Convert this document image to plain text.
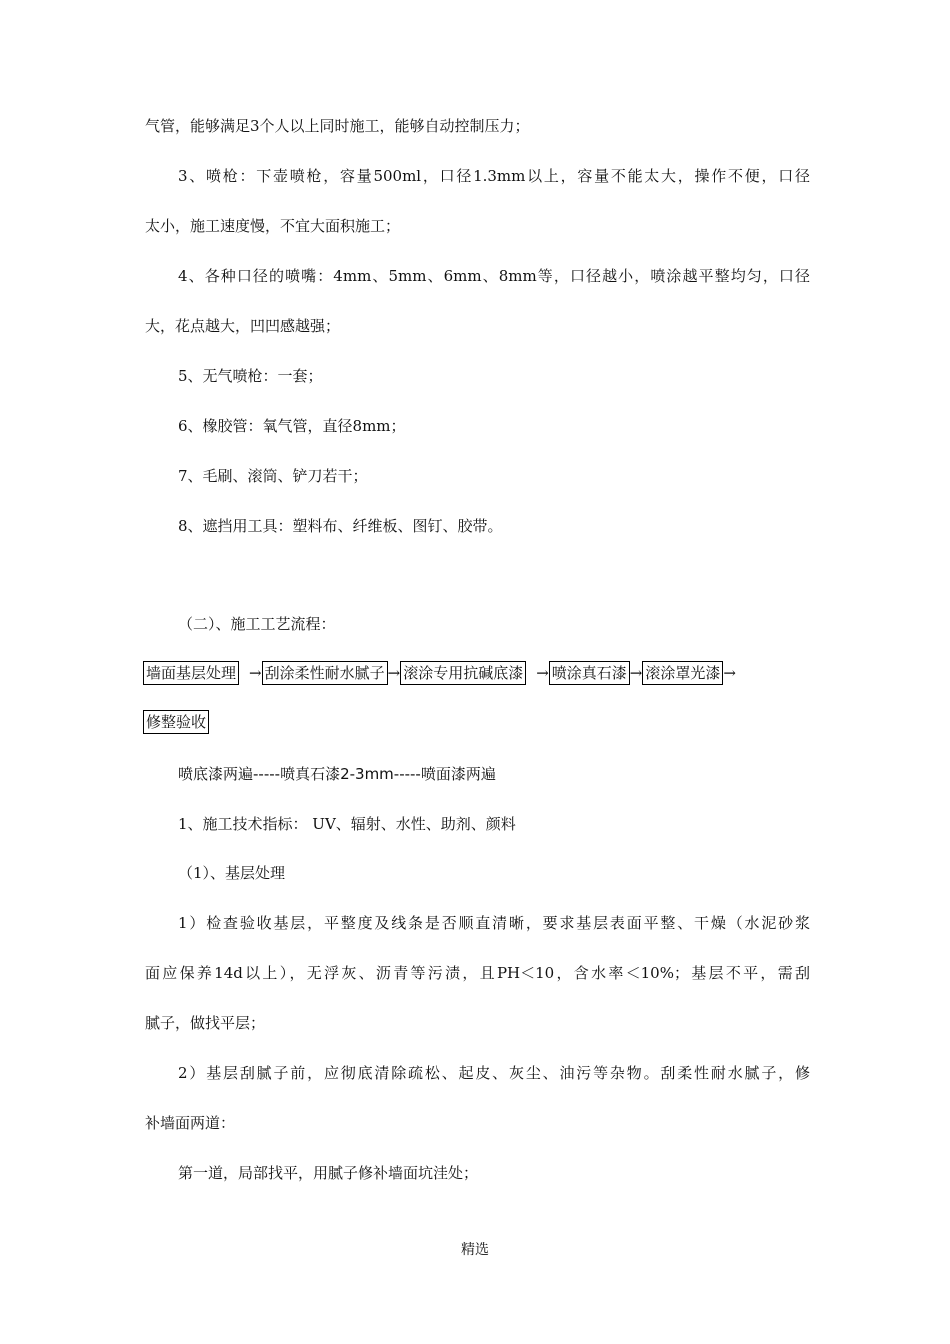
气管，能够满足3个人以上同时施工，能够自动控制压力；
3、喷枪：下壶喷枪，容量500ml，口径1.3mm以上，容量不能太大，操作不便，口径
太小，施工速度慢，不宜大面积施工；
4、各种口径的喷嘴：4mm、5mm、6mm、8mm等，口径越小，喷涂越平整均匀，口径
大，花点越大，凹凹感越强；
5、无气喷枪：一套；
6、橡胶管：氧气管，直径8mm；
7、毛刷、滚筒、铲刀若干；
8、遮挡用工具：塑料布、纤维板、图钉、胶带。
（二）、施工工艺流程：
墙面基层处理 → 刮涂柔性耐水腻子 → 滚涂专用抗碱底漆 → 喷涂真石漆 → 滚涂罩光漆 →
修整验收
喷底漆两遍-----喷真石漆2-3mm-----喷面漆两遍
1、施工技术指标： UV、辐射、水性、助剂、颜料
（1）、基层处理
1）检查验收基层，平整度及线条是否顺直清晰，要求基层表面平整、干燥（水泥砂浆
面应保养14d以上），无浮灰、沥青等污渍，且PH＜10，含水率＜10%；基层不平，需刮
腻子，做找平层；
2）基层刮腻子前，应彻底清除疏松、起皮、灰尘、油污等杂物。刮柔性耐水腻子，修
补墙面两道：
第一道，局部找平，用腻子修补墙面坑洼处；
精选
